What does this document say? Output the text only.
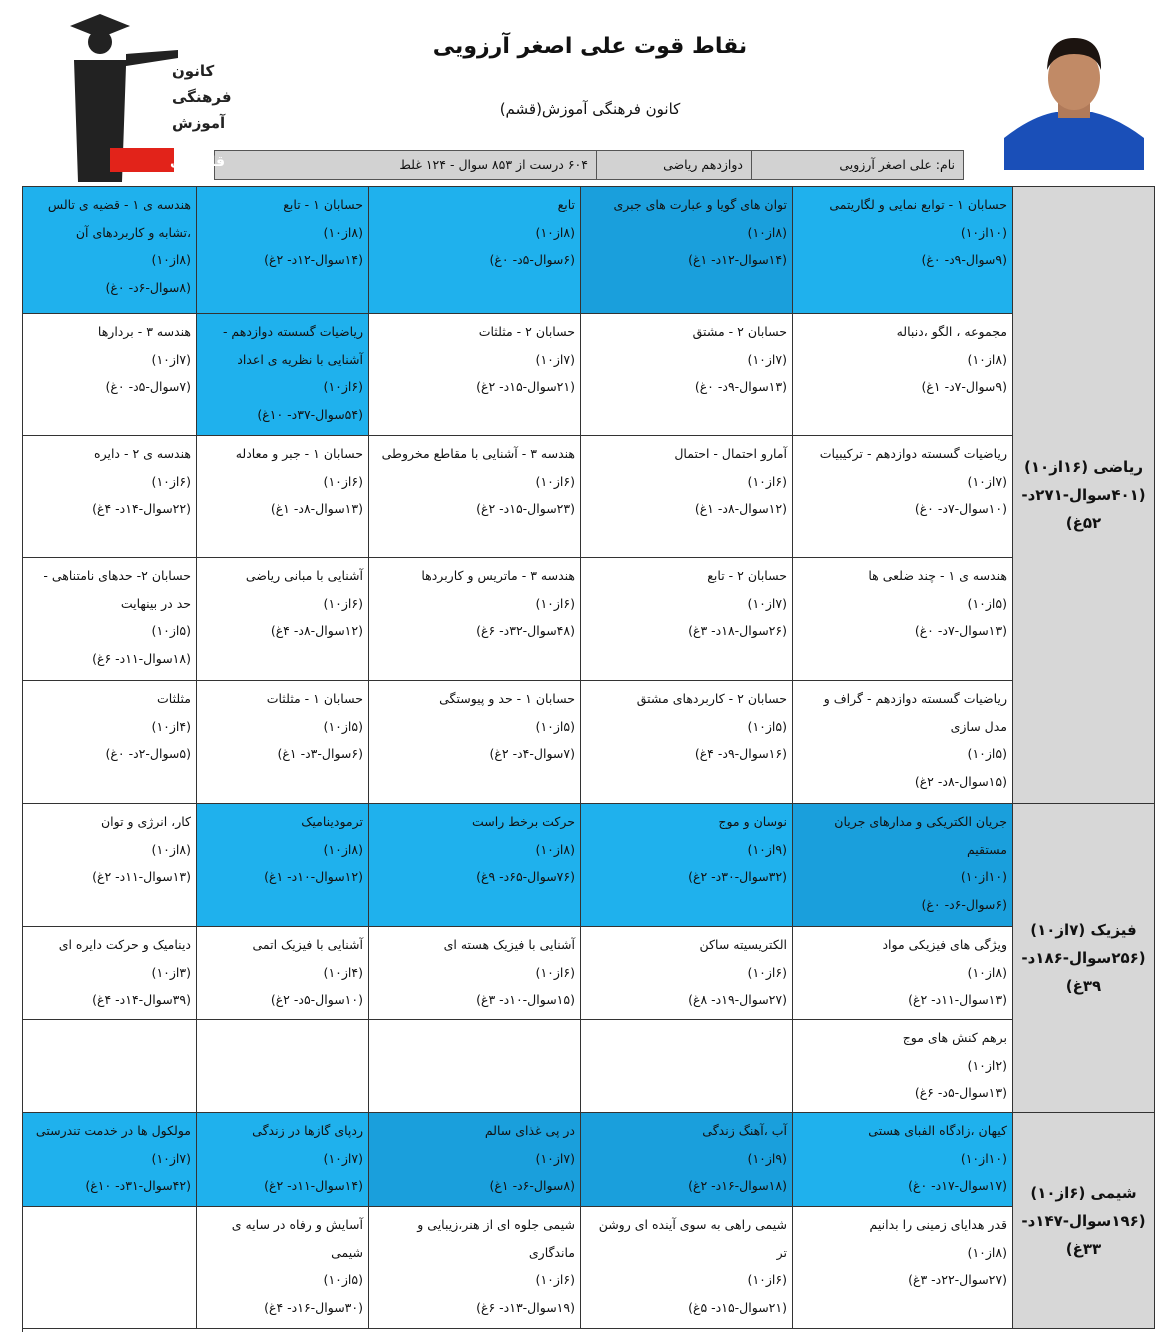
نقاط قوت علی اصغر آرزویی
کانون فرهنگی آموزش(قشم)
نام: علی اصغر آرزویی
دوازدهم ریاضی
۶۰۴ درست از ۸۵۳ سوال - ۱۲۴ غلط
کانون
فرهنگی
آموزش
قلم چی
ریاضی (۱۶از۱۰)
(۴۰۱سوال-۲۷۱د-
۵۲غ)
حسابان ۱ - توابع نمایی و لگاریتمی
(۱۰از۱۰)
(۹سوال-۹د- ۰غ)
توان های گویا و عبارت های جبری
(۸از۱۰)
(۱۴سوال-۱۲د- ۱غ)
تابع
(۸از۱۰)
(۶سوال-۵د- ۰غ)
حسابان ۱ - تابع
(۸از۱۰)
(۱۴سوال-۱۲د- ۲غ)
هندسه ی ۱ - قضیه ی تالس ،تشابه و کاربردهای آن
(۸از۱۰)
(۸سوال-۶د- ۰غ)
مجموعه ، الگو ،دنباله
(۸از۱۰)
(۹سوال-۷د- ۱غ)
حسابان ۲ - مشتق
(۷از۱۰)
(۱۳سوال-۹د- ۰غ)
حسابان ۲ - مثلثات
(۷از۱۰)
(۲۱سوال-۱۵د- ۲غ)
ریاضیات گسسته دوازدهم - آشنایی با نظریه ی اعداد
(۶از۱۰)
(۵۴سوال-۳۷د- ۱۰غ)
هندسه ۳ - بردارها
(۷از۱۰)
(۷سوال-۵د- ۰غ)
ریاضیات گسسته دوازدهم - ترکیبیات
(۷از۱۰)
(۱۰سوال-۷د- ۰غ)
آمارو احتمال - احتمال
(۶از۱۰)
(۱۲سوال-۸د- ۱غ)
هندسه ۳ - آشنایی با مقاطع مخروطی
(۶از۱۰)
(۲۳سوال-۱۵د- ۲غ)
حسابان ۱ - جبر و معادله
(۶از۱۰)
(۱۳سوال-۸د- ۱غ)
هندسه ی ۲ - دایره
(۶از۱۰)
(۲۲سوال-۱۴د- ۴غ)
هندسه ی ۱ - چند ضلعی ها
(۵از۱۰)
(۱۳سوال-۷د- ۰غ)
حسابان ۲ - تابع
(۷از۱۰)
(۲۶سوال-۱۸د- ۳غ)
هندسه ۳ - ماتریس و کاربردها
(۶از۱۰)
(۴۸سوال-۳۲د- ۶غ)
آشنایی با مبانی ریاضی
(۶از۱۰)
(۱۲سوال-۸د- ۴غ)
حسابان ۲- حدهای نامتناهی - حد در بینهایت
(۵از۱۰)
(۱۸سوال-۱۱د- ۶غ)
ریاضیات گسسته دوازدهم - گراف و مدل سازی
(۵از۱۰)
(۱۵سوال-۸د- ۲غ)
حسابان ۲ - کاربردهای مشتق
(۵از۱۰)
(۱۶سوال-۹د- ۴غ)
حسابان ۱ - حد و پیوستگی
(۵از۱۰)
(۷سوال-۴د- ۲غ)
حسابان ۱ - مثلثات
(۵از۱۰)
(۶سوال-۳د- ۱غ)
مثلثات
(۴از۱۰)
(۵سوال-۲د- ۰غ)
فیزیک (۷از۱۰)
(۲۵۶سوال-۱۸۶د-
۳۹غ)
جریان الکتریکی و مدارهای جریان مستقیم
(۱۰از۱۰)
(۶سوال-۶د- ۰غ)
نوسان و موج
(۹از۱۰)
(۳۲سوال-۳۰د- ۲غ)
حرکت برخط راست
(۸از۱۰)
(۷۶سوال-۶۵د- ۹غ)
ترمودینامیک
(۸از۱۰)
(۱۲سوال-۱۰د- ۱غ)
کار، انرژی و توان
(۸از۱۰)
(۱۳سوال-۱۱د- ۲غ)
ویژگی های فیزیکی مواد
(۸از۱۰)
(۱۳سوال-۱۱د- ۲غ)
الکتریسیته ساکن
(۶از۱۰)
(۲۷سوال-۱۹د- ۸غ)
آشنایی با فیزیک هسته ای
(۶از۱۰)
(۱۵سوال-۱۰د- ۳غ)
آشنایی با فیزیک اتمی
(۴از۱۰)
(۱۰سوال-۵د- ۲غ)
دینامیک و حرکت دایره ای
(۳از۱۰)
(۳۹سوال-۱۴د- ۴غ)
برهم کنش های موج
(۲از۱۰)
(۱۳سوال-۵د- ۶غ)
شیمی (۶از۱۰)
(۱۹۶سوال-۱۴۷د-
۳۳غ)
کیهان ،زادگاه الفبای هستی
(۱۰از۱۰)
(۱۷سوال-۱۷د- ۰غ)
آب ،آهنگ زندگی
(۹از۱۰)
(۱۸سوال-۱۶د- ۲غ)
در پی غذای سالم
(۷از۱۰)
(۸سوال-۶د- ۱غ)
ردپای گازها در زندگی
(۷از۱۰)
(۱۴سوال-۱۱د- ۲غ)
مولکول ها در خدمت تندرستی
(۷از۱۰)
(۴۲سوال-۳۱د- ۱۰غ)
قدر هدایای زمینی را بدانیم
(۸از۱۰)
(۲۷سوال-۲۲د- ۳غ)
شیمی راهی به سوی آینده ای روشن تر
(۶از۱۰)
(۲۱سوال-۱۵د- ۵غ)
شیمی جلوه ای از هنر،زیبایی و ماندگاری
(۶از۱۰)
(۱۹سوال-۱۳د- ۶غ)
آسایش و رفاه در سایه ی شیمی
(۵از۱۰)
(۳۰سوال-۱۶د- ۴غ)
